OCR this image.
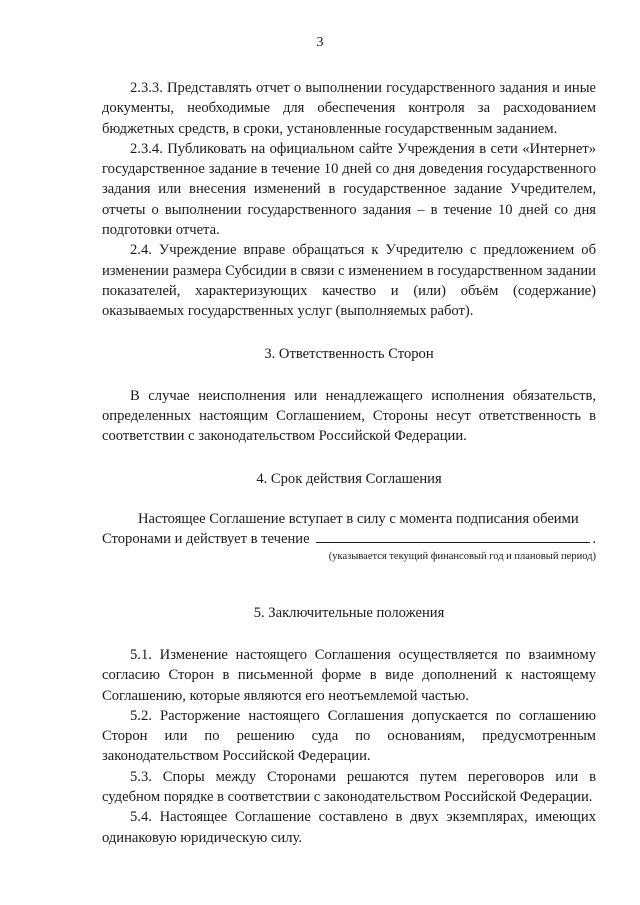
3

2.3.3. Представлять отчет о выполнении государственного задания и иные документы, необходимые для обеспечения контроля за расходованием бюджетных средств, в сроки, установленные государственным заданием.

2.3.4. Публиковать на официальном сайте Учреждения в сети «Интернет» государственное задание в течение 10 дней со дня доведения государственного задания или внесения изменений в государственное задание Учредителем, отчеты о выполнении государственного задания – в течение 10 дней со дня подготовки отчета.

2.4. Учреждение вправе обращаться к Учредителю с предложением об изменении размера Субсидии в связи с изменением в государственном задании показателей, характеризующих качество и (или) объём (содержание) оказываемых государственных услуг (выполняемых работ).

3. Ответственность Сторон

В случае неисполнения или ненадлежащего исполнения обязательств, определенных настоящим Соглашением, Стороны несут ответственность в соответствии с законодательством Российской Федерации.

4. Срок действия Соглашения

Настоящее Соглашение вступает в силу с момента подписания обеими

Сторонами и действует в течение	.

(указывается текущий финансовый год и плановый период)

5. Заключительные положения

5.1. Изменение настоящего Соглашения осуществляется по взаимному согласию Сторон в письменной форме в виде дополнений к настоящему Соглашению, которые являются его неотъемлемой частью.

5.2. Расторжение настоящего Соглашения допускается по соглашению Сторон или по решению суда по основаниям, предусмотренным законодательством Российской Федерации.

5.3. Споры между Сторонами решаются путем переговоров или в судебном порядке в соответствии с законодательством Российской Федерации.

5.4. Настоящее Соглашение составлено в двух экземплярах, имеющих одинаковую юридическую силу.
